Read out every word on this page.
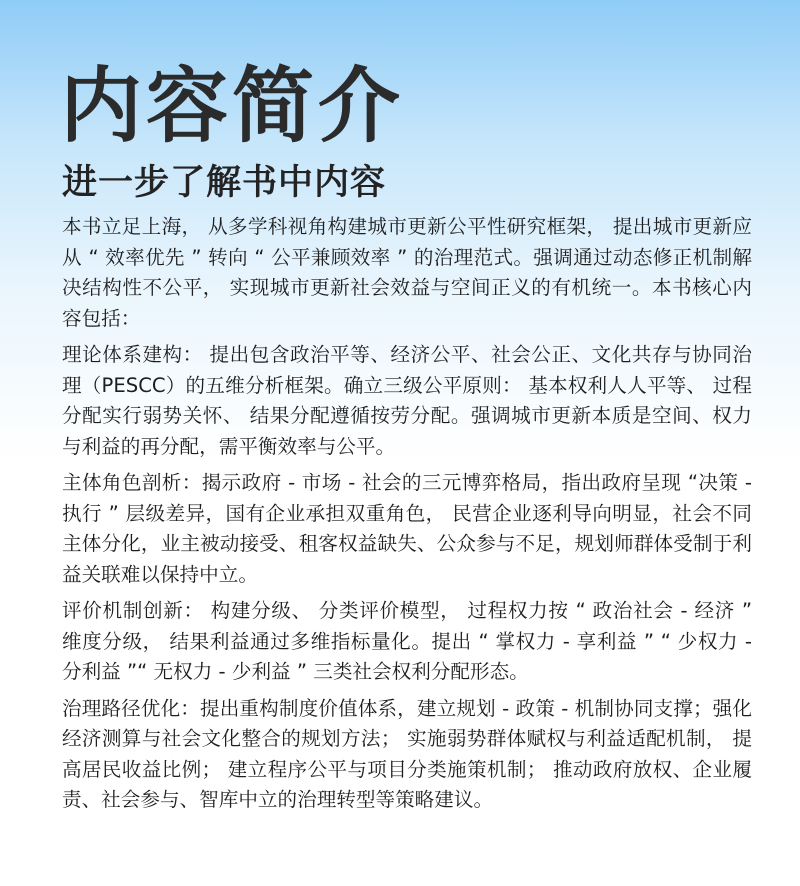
内容简介
进一步了解书中内容

本书立足上海， 从多学科视角构建城市更新公平性研究框架， 提出城市更新应从 “ 效率优先 ” 转向 “ 公平兼顾效率 ” 的治理范式。强调通过动态修正机制解决结构性不公平， 实现城市更新社会效益与空间正义的有机统一。本书核心内容包括：

理论体系建构： 提出包含政治平等、经济公平、社会公正、文化共存与协同治理（PESCC）的五维分析框架。确立三级公平原则： 基本权利人人平等、 过程分配实行弱势关怀、 结果分配遵循按劳分配。强调城市更新本质是空间、权力与利益的再分配，需平衡效率与公平。

主体角色剖析：揭示政府 - 市场 - 社会的三元博弈格局，指出政府呈现 “决策 - 执行 ” 层级差异，国有企业承担双重角色， 民营企业逐利导向明显，社会不同主体分化，业主被动接受、租客权益缺失、公众参与不足，规划师群体受制于利益关联难以保持中立。

评价机制创新： 构建分级、 分类评价模型， 过程权力按 “ 政治社会 - 经济 ” 维度分级， 结果利益通过多维指标量化。提出 “ 掌权力 - 享利益 ” “ 少权力 - 分利益 ”“ 无权力 - 少利益 ” 三类社会权利分配形态。

治理路径优化：提出重构制度价值体系，建立规划 - 政策 - 机制协同支撑；强化经济测算与社会文化整合的规划方法； 实施弱势群体赋权与利益适配机制， 提高居民收益比例； 建立程序公平与项目分类施策机制； 推动政府放权、企业履责、社会参与、智库中立的治理转型等策略建议。
